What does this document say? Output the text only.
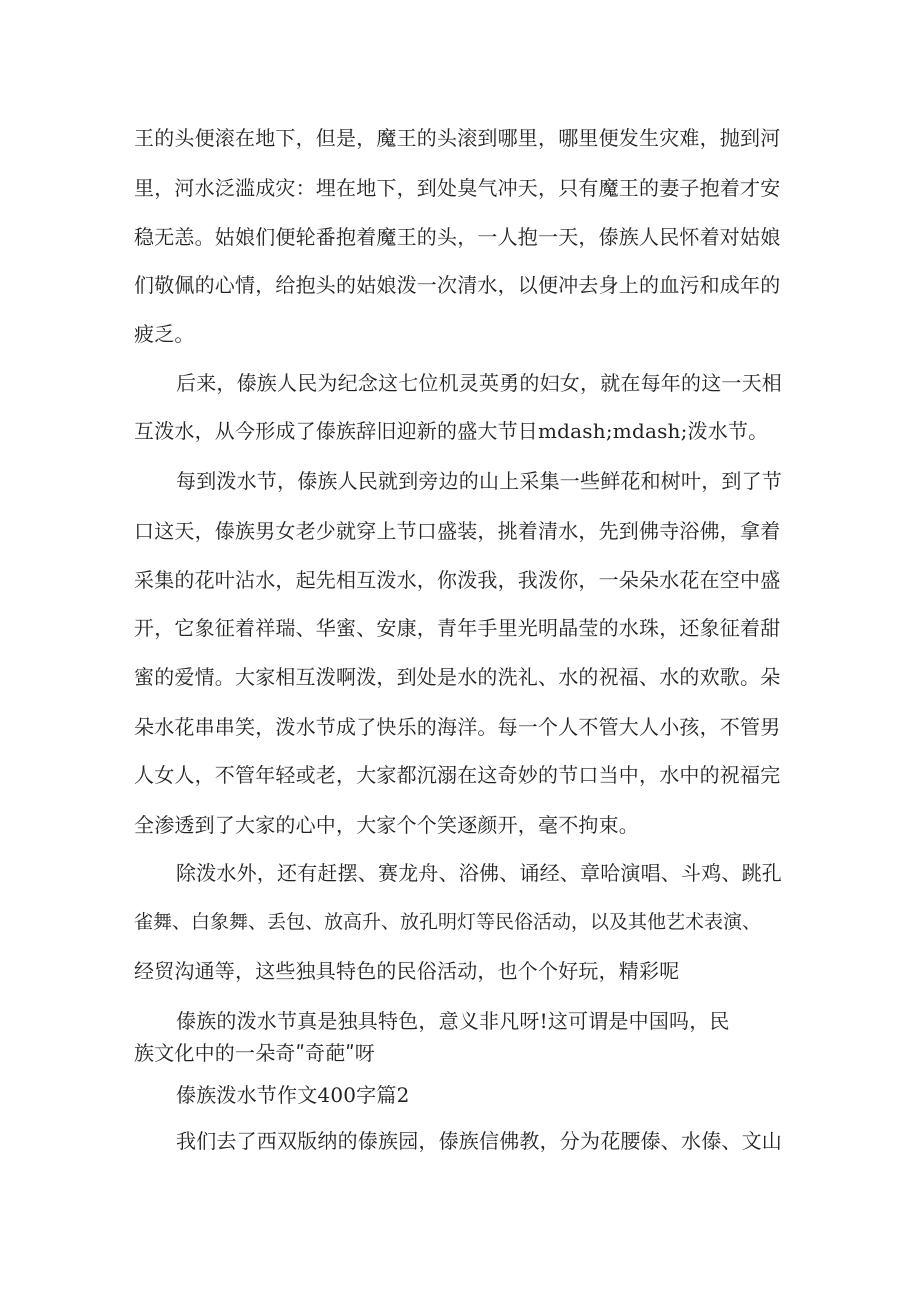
王的头便滚在地下，但是，魔王的头滚到哪里，哪里便发生灾难，抛到河
里，河水泛滥成灾：埋在地下，到处臭气冲天，只有魔王的妻子抱着才安
稳无恙。姑娘们便轮番抱着魔王的头，一人抱一天，傣族人民怀着对姑娘
们敬佩的心情，给抱头的姑娘泼一次清水，以便冲去身上的血污和成年的
疲乏。
后来，傣族人民为纪念这七位机灵英勇的妇女，就在每年的这一天相
互泼水，从今形成了傣族辞旧迎新的盛大节日mdash;mdash;泼水节。
每到泼水节，傣族人民就到旁边的山上采集一些鲜花和树叶，到了节
口这天，傣族男女老少就穿上节口盛装，挑着清水，先到佛寺浴佛，拿着
采集的花叶沾水，起先相互泼水，你泼我，我泼你，一朵朵水花在空中盛
开，它象征着祥瑞、华蜜、安康，青年手里光明晶莹的水珠，还象征着甜
蜜的爱情。大家相互泼啊泼，到处是水的洗礼、水的祝福、水的欢歌。朵
朵水花串串笑，泼水节成了快乐的海洋。每一个人不管大人小孩，不管男
人女人，不管年轻或老，大家都沉溺在这奇妙的节口当中，水中的祝福完
全渗透到了大家的心中，大家个个笑逐颜开，毫不拘束。
除泼水外，还有赶摆、赛龙舟、浴佛、诵经、章哈演唱、斗鸡、跳孔
雀舞、白象舞、丢包、放高升、放孔明灯等民俗活动，以及其他艺术表演、
经贸沟通等，这些独具特色的民俗活动，也个个好玩，精彩呢
傣族的泼水节真是独具特色，意义非凡呀!这可谓是中国吗，民
族文化中的一朵奇ʺ奇葩ʺ呀
傣族泼水节作文400字篇2
我们去了西双版纳的傣族园，傣族信佛教，分为花腰傣、水傣、文山
